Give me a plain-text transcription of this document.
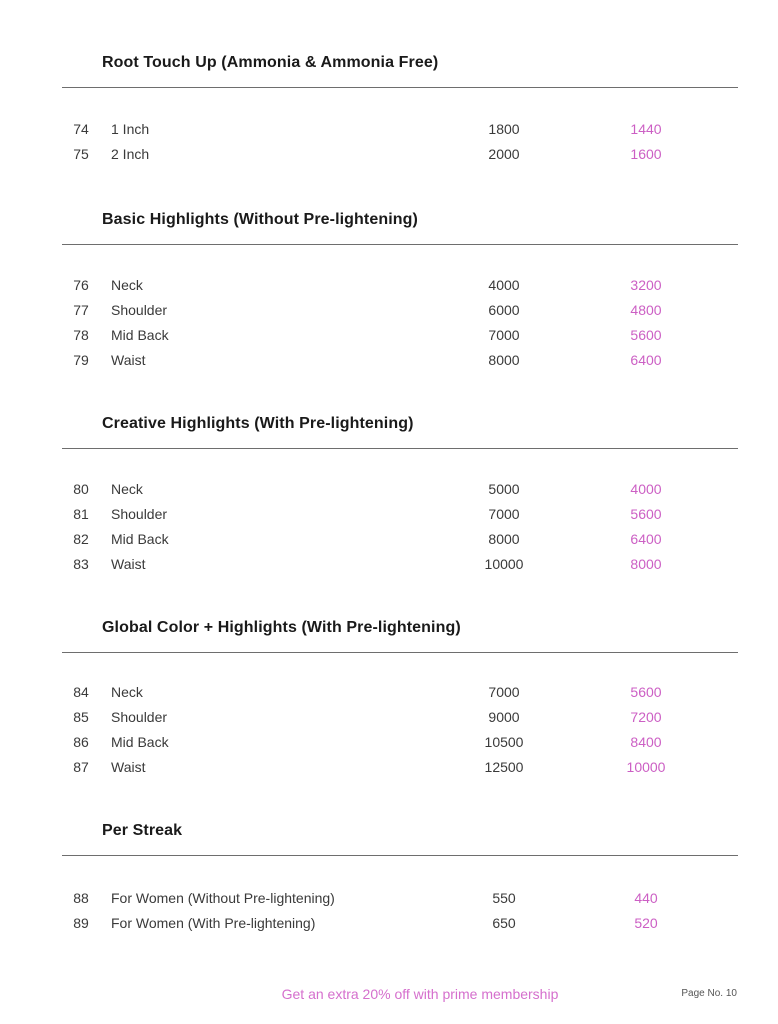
Root Touch Up (Ammonia & Ammonia Free)
74	1 Inch	1800	1440
75	2 Inch	2000	1600
Basic Highlights (Without Pre-lightening)
76	Neck	4000	3200
77	Shoulder	6000	4800
78	Mid Back	7000	5600
79	Waist	8000	6400
Creative Highlights (With Pre-lightening)
80	Neck	5000	4000
81	Shoulder	7000	5600
82	Mid Back	8000	6400
83	Waist	10000	8000
Global Color + Highlights (With Pre-lightening)
84	Neck	7000	5600
85	Shoulder	9000	7200
86	Mid Back	10500	8400
87	Waist	12500	10000
Per Streak
88	For Women (Without Pre-lightening)	550	440
89	For Women (With Pre-lightening)	650	520
Get an extra 20% off with prime membership	Page No. 10
